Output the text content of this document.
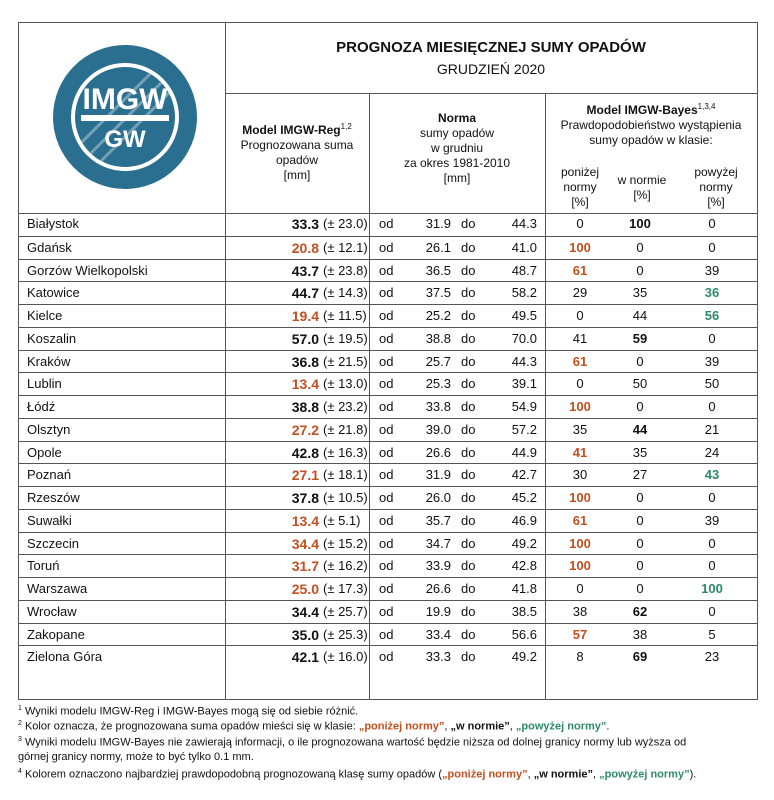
IMGW
GW
PROGNOZA MIESIĘCZNEJ SUMY OPADÓW
GRUDZIEŃ 2020
Model IMGW-Reg$^{1,2}$
Prognozowana suma
opadów
[mm]
Norma
sumy opadów
w grudniu
za okres 1981-2010
[mm]
Model IMGW-Bayes$^{1,3,4}$
Prawdopodobieństwo wystąpienia
sumy opadów w klasie:
poniżej
normy
[%]
w normie
[%]
powyżej
normy
[%]
Białystok	33.3 (± 23.0) od	31.9 do	44.3	0	100	0
Gdańsk	20.8 (± 12.1) od	26.1 do	41.0	100	0	0
Gorzów Wielkopolski	43.7 (± 23.8) od	36.5 do	48.7	61	0	39
Katowice	44.7 (± 14.3) od	37.5 do	58.2	29	35	36
Kielce	19.4 (± 11.5) od	25.2 do	49.5	0	44	56
Koszalin	57.0 (± 19.5) od	38.8 do	70.0	41	59	0
Kraków	36.8 (± 21.5) od	25.7 do	44.3	61	0	39
Lublin	13.4 (± 13.0) od	25.3 do	39.1	0	50	50
Łódź	38.8 (± 23.2) od	33.8 do	54.9	100	0	0
Olsztyn	27.2 (± 21.8) od	39.0 do	57.2	35	44	21
Opole	42.8 (± 16.3) od	26.6 do	44.9	41	35	24
Poznań	27.1 (± 18.1) od	31.9 do	42.7	30	27	43
Rzeszów	37.8 (± 10.5) od	26.0 do	45.2	100	0	0
Suwałki	13.4 (± 5.1) od	35.7 do	46.9	61	0	39
Szczecin	34.4 (± 15.2) od	34.7 do	49.2	100	0	0
Toruń	31.7 (± 16.2) od	33.9 do	42.8	100	0	0
Warszawa	25.0 (± 17.3) od	26.6 do	41.8	0	0	100
Wrocław	34.4 (± 25.7) od	19.9 do	38.5	38	62	0
Zakopane	35.0 (± 25.3) od	33.4 do	56.6	57	38	5
Zielona Góra	42.1 (± 16.0) od	33.3 do	49.2	8	69	23
$^1$ Wyniki modelu IMGW-Reg i IMGW-Bayes mogą się od siebie różnić.
$^2$ Kolor oznacza, że prognozowana suma opadów mieści się w klasie: „poniżej normy”, „w normie”, „powyżej normy”.
$^3$ Wyniki modelu IMGW-Bayes nie zawierają informacji, o ile prognozowana wartość będzie niższa od dolnej granicy normy lub wyższa od
górnej granicy normy, może to być tylko 0.1 mm.
$^4$ Kolorem oznaczono najbardziej prawdopodobną prognozowaną klasę sumy opadów („poniżej normy”, „w normie”, „powyżej normy”).
